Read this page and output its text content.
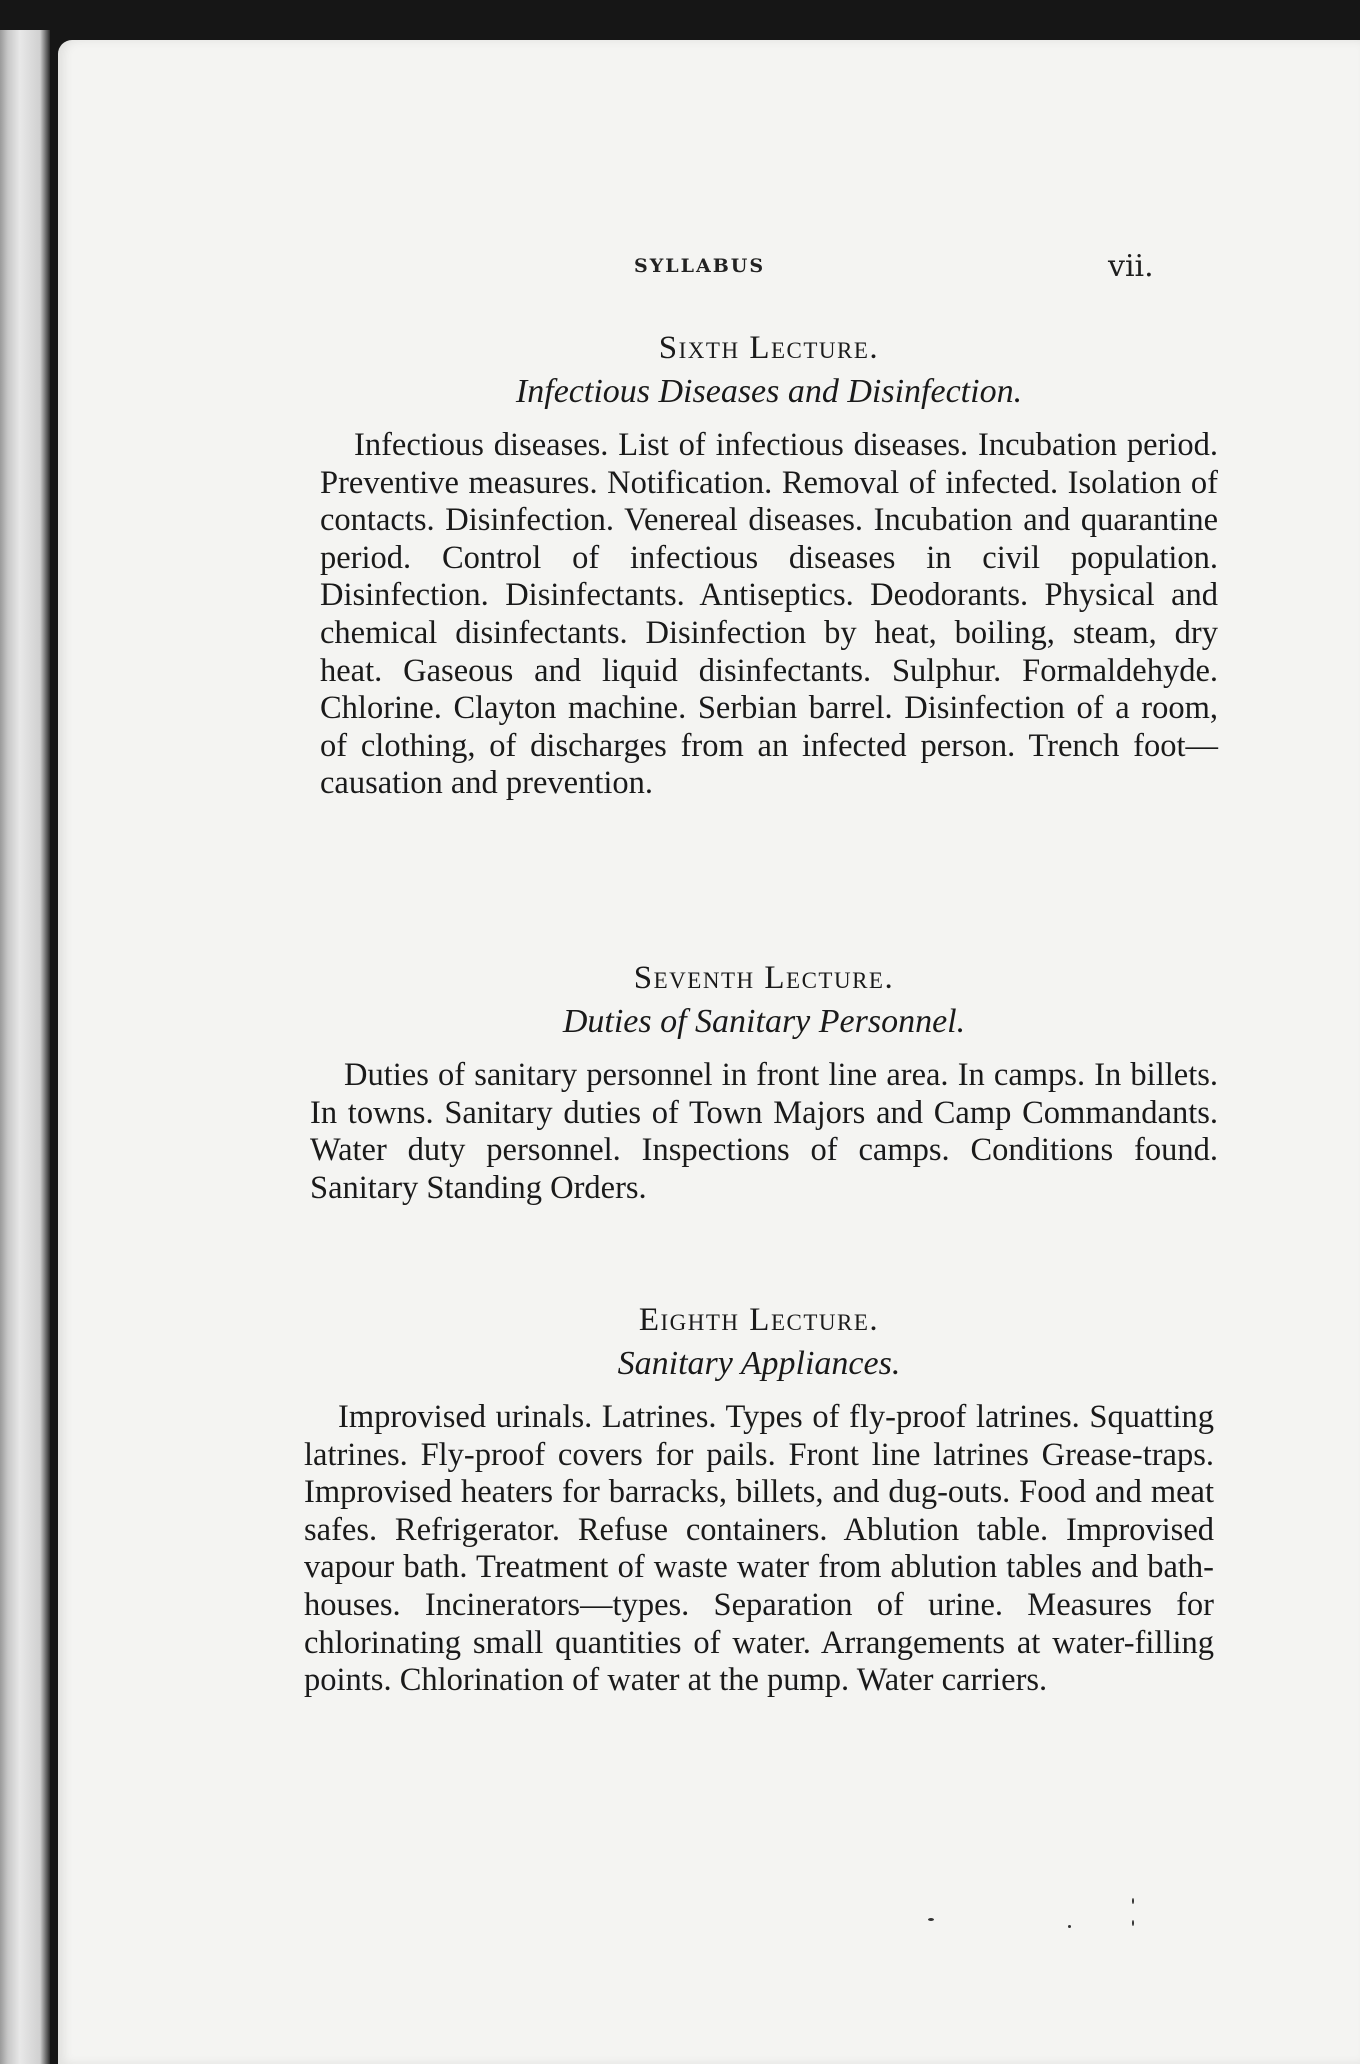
SYLLABUS	vii.
Sixth Lecture.
Infectious Diseases and Disinfection.

Infectious diseases. List of infectious diseases. Incubation period. Preventive measures. Notification. Removal of infected. Isolation of contacts. Disinfection. Venereal diseases. Incubation and quarantine period. Control of infectious diseases in civil population. Disinfection. Disinfectants. Antiseptics. Deodorants. Physical and chemical disinfectants. Disinfection by heat, boiling, steam, dry heat. Gaseous and liquid disinfectants. Sulphur. Formaldehyde. Chlorine. Clayton machine. Serbian barrel. Disinfection of a room, of clothing, of discharges from an infected person. Trench foot—causation and prevention.

Seventh Lecture.
Duties of Sanitary Personnel.

Duties of sanitary personnel in front line area. In camps. In billets. In towns. Sanitary duties of Town Majors and Camp Commandants. Water duty personnel. Inspections of camps. Conditions found. Sanitary Standing Orders.

Eighth Lecture.
Sanitary Appliances.

Improvised urinals. Latrines. Types of fly-proof latrines. Squatting latrines. Fly-proof covers for pails. Front line latrines Grease-traps. Improvised heaters for barracks, billets, and dug-outs. Food and meat safes. Refrigerator. Refuse containers. Ablution table. Improvised vapour bath. Treatment of waste water from ablution tables and bath-houses. Incinerators—types. Separation of urine. Measures for chlorinating small quantities of water. Arrangements at water-filling points. Chlorination of water at the pump. Water carriers.
